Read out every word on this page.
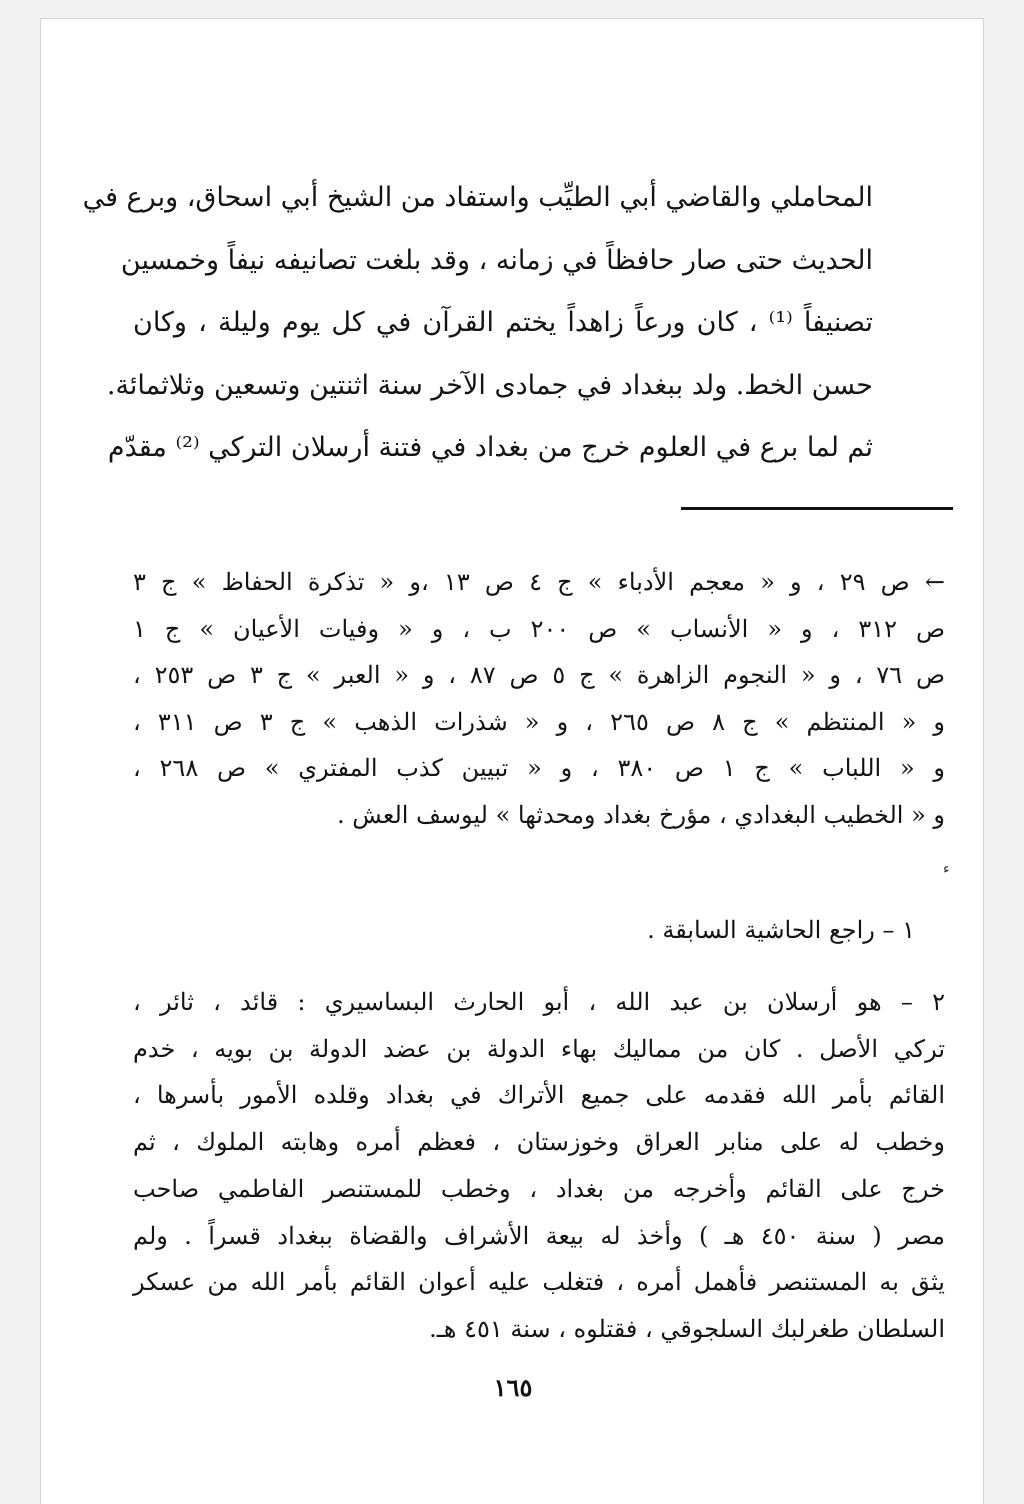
المحاملي والقاضي أبي الطيِّب واستفاد من الشيخ أبي اسحاق، وبرع في
الحديث حتى صار حافظاً في زمانه ، وقد بلغت تصانيفه نيفاً وخمسين
تصنيفاً ⁽¹⁾ ، كان ورعاً زاهداً يختم القرآن في كل يوم وليلة ، وكان
حسن الخط. ولد ببغداد في جمادى الآخر سنة اثنتين وتسعين وثلاثمائة.
ثم لما برع في العلوم خرج من بغداد في فتنة أرسلان التركي ⁽²⁾ مقدّم
← ص ٢٩ ، و « معجم الأدباء » ج ٤ ص ١٣ ،و « تذكرة الحفاظ » ج ٣
ص ٣١٢ ، و « الأنساب » ص ٢٠٠ ب ، و « وفيات الأعيان » ج ١
ص ٧٦ ، و « النجوم الزاهرة » ج ٥ ص ٨٧ ، و « العبر » ج ٣ ص ٢٥٣ ،
و « المنتظم » ج ٨ ص ٢٦٥ ، و « شذرات الذهب » ج ٣ ص ٣١١ ،
و « اللباب » ج ١ ص ٣٨٠ ، و « تبيين كذب المفتري » ص ٢٦٨ ،
و « الخطيب البغدادي ، مؤرخ بغداد ومحدثها » ليوسف العش .
ء
١ – راجع الحاشية السابقة .
٢ – هو أرسلان بن عبد الله ، أبو الحارث البساسيري : قائد ، ثائر ،
تركي الأصل . كان من مماليك بهاء الدولة بن عضد الدولة بن بويه ، خدم
القائم بأمر الله فقدمه على جميع الأتراك في بغداد وقلده الأمور بأسرها ،
وخطب له على منابر العراق وخوزستان ، فعظم أمره وهابته الملوك ، ثم
خرج على القائم وأخرجه من بغداد ، وخطب للمستنصر الفاطمي صاحب
مصر ( سنة ٤٥٠ هـ ) وأخذ له بيعة الأشراف والقضاة ببغداد قسراً . ولم
يثق به المستنصر فأهمل أمره ، فتغلب عليه أعوان القائم بأمر الله من عسكر
السلطان طغرلبك السلجوقي ، فقتلوه ، سنة ٤٥١ هـ.
١٦٥
